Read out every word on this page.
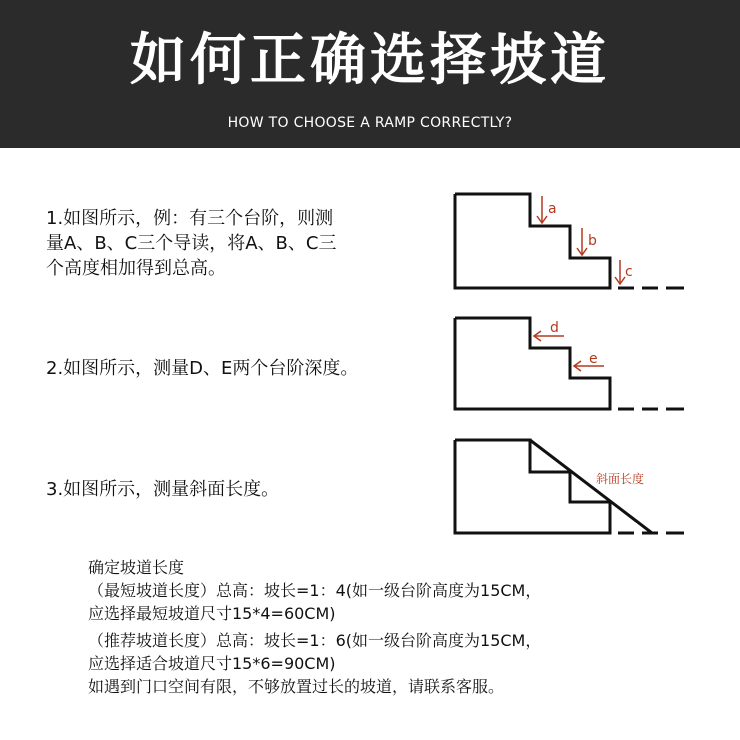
如何正确选择坡道
HOW TO CHOOSE A RAMP CORRECTLY?
1.如图所示，例：有三个台阶，则测
量A、B、C三个导读，将A、B、C三
个高度相加得到总高。
2.如图所示，测量D、E两个台阶深度。
3.如图所示，测量斜面长度。
a
b
c
d
e
斜面长度
确定坡道长度
（最短坡道长度）总高：坡长=1：4(如一级台阶高度为15CM，
应选择最短坡道尺寸15*4=60CM)
（推荐坡道长度）总高：坡长=1：6(如一级台阶高度为15CM，
应选择适合坡道尺寸15*6=90CM)
如遇到门口空间有限，不够放置过长的坡道，请联系客服。
